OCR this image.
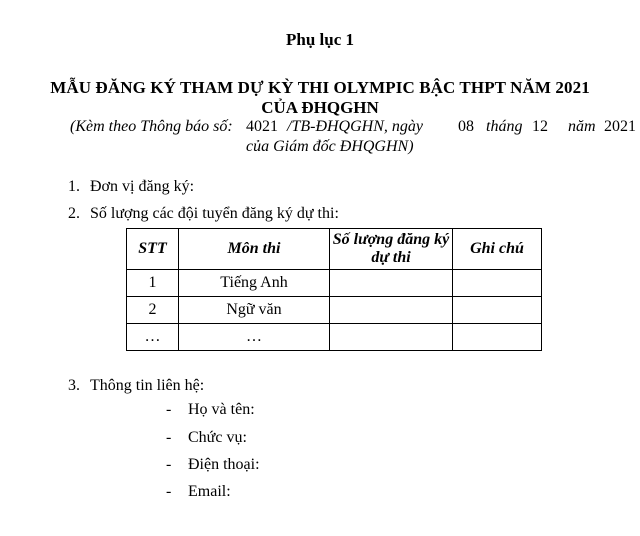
Phụ lục 1
MẪU ĐĂNG KÝ THAM DỰ KỲ THI OLYMPIC BẬC THPT NĂM 2021
CỦA ĐHQGHN
(Kèm theo Thông báo số: 4021 /TB-ĐHQGHN, ngày 08 tháng 12 năm 2021
của Giám đốc ĐHQGHN)
1. Đơn vị đăng ký:
2. Số lượng các đội tuyển đăng ký dự thi:
STT	Môn thi	Số lượng đăng ký dự thi	Ghi chú
1	Tiếng Anh		
2	Ngữ văn		
…	…		
3. Thông tin liên hệ:
- Họ và tên:
- Chức vụ:
- Điện thoại:
- Email:
